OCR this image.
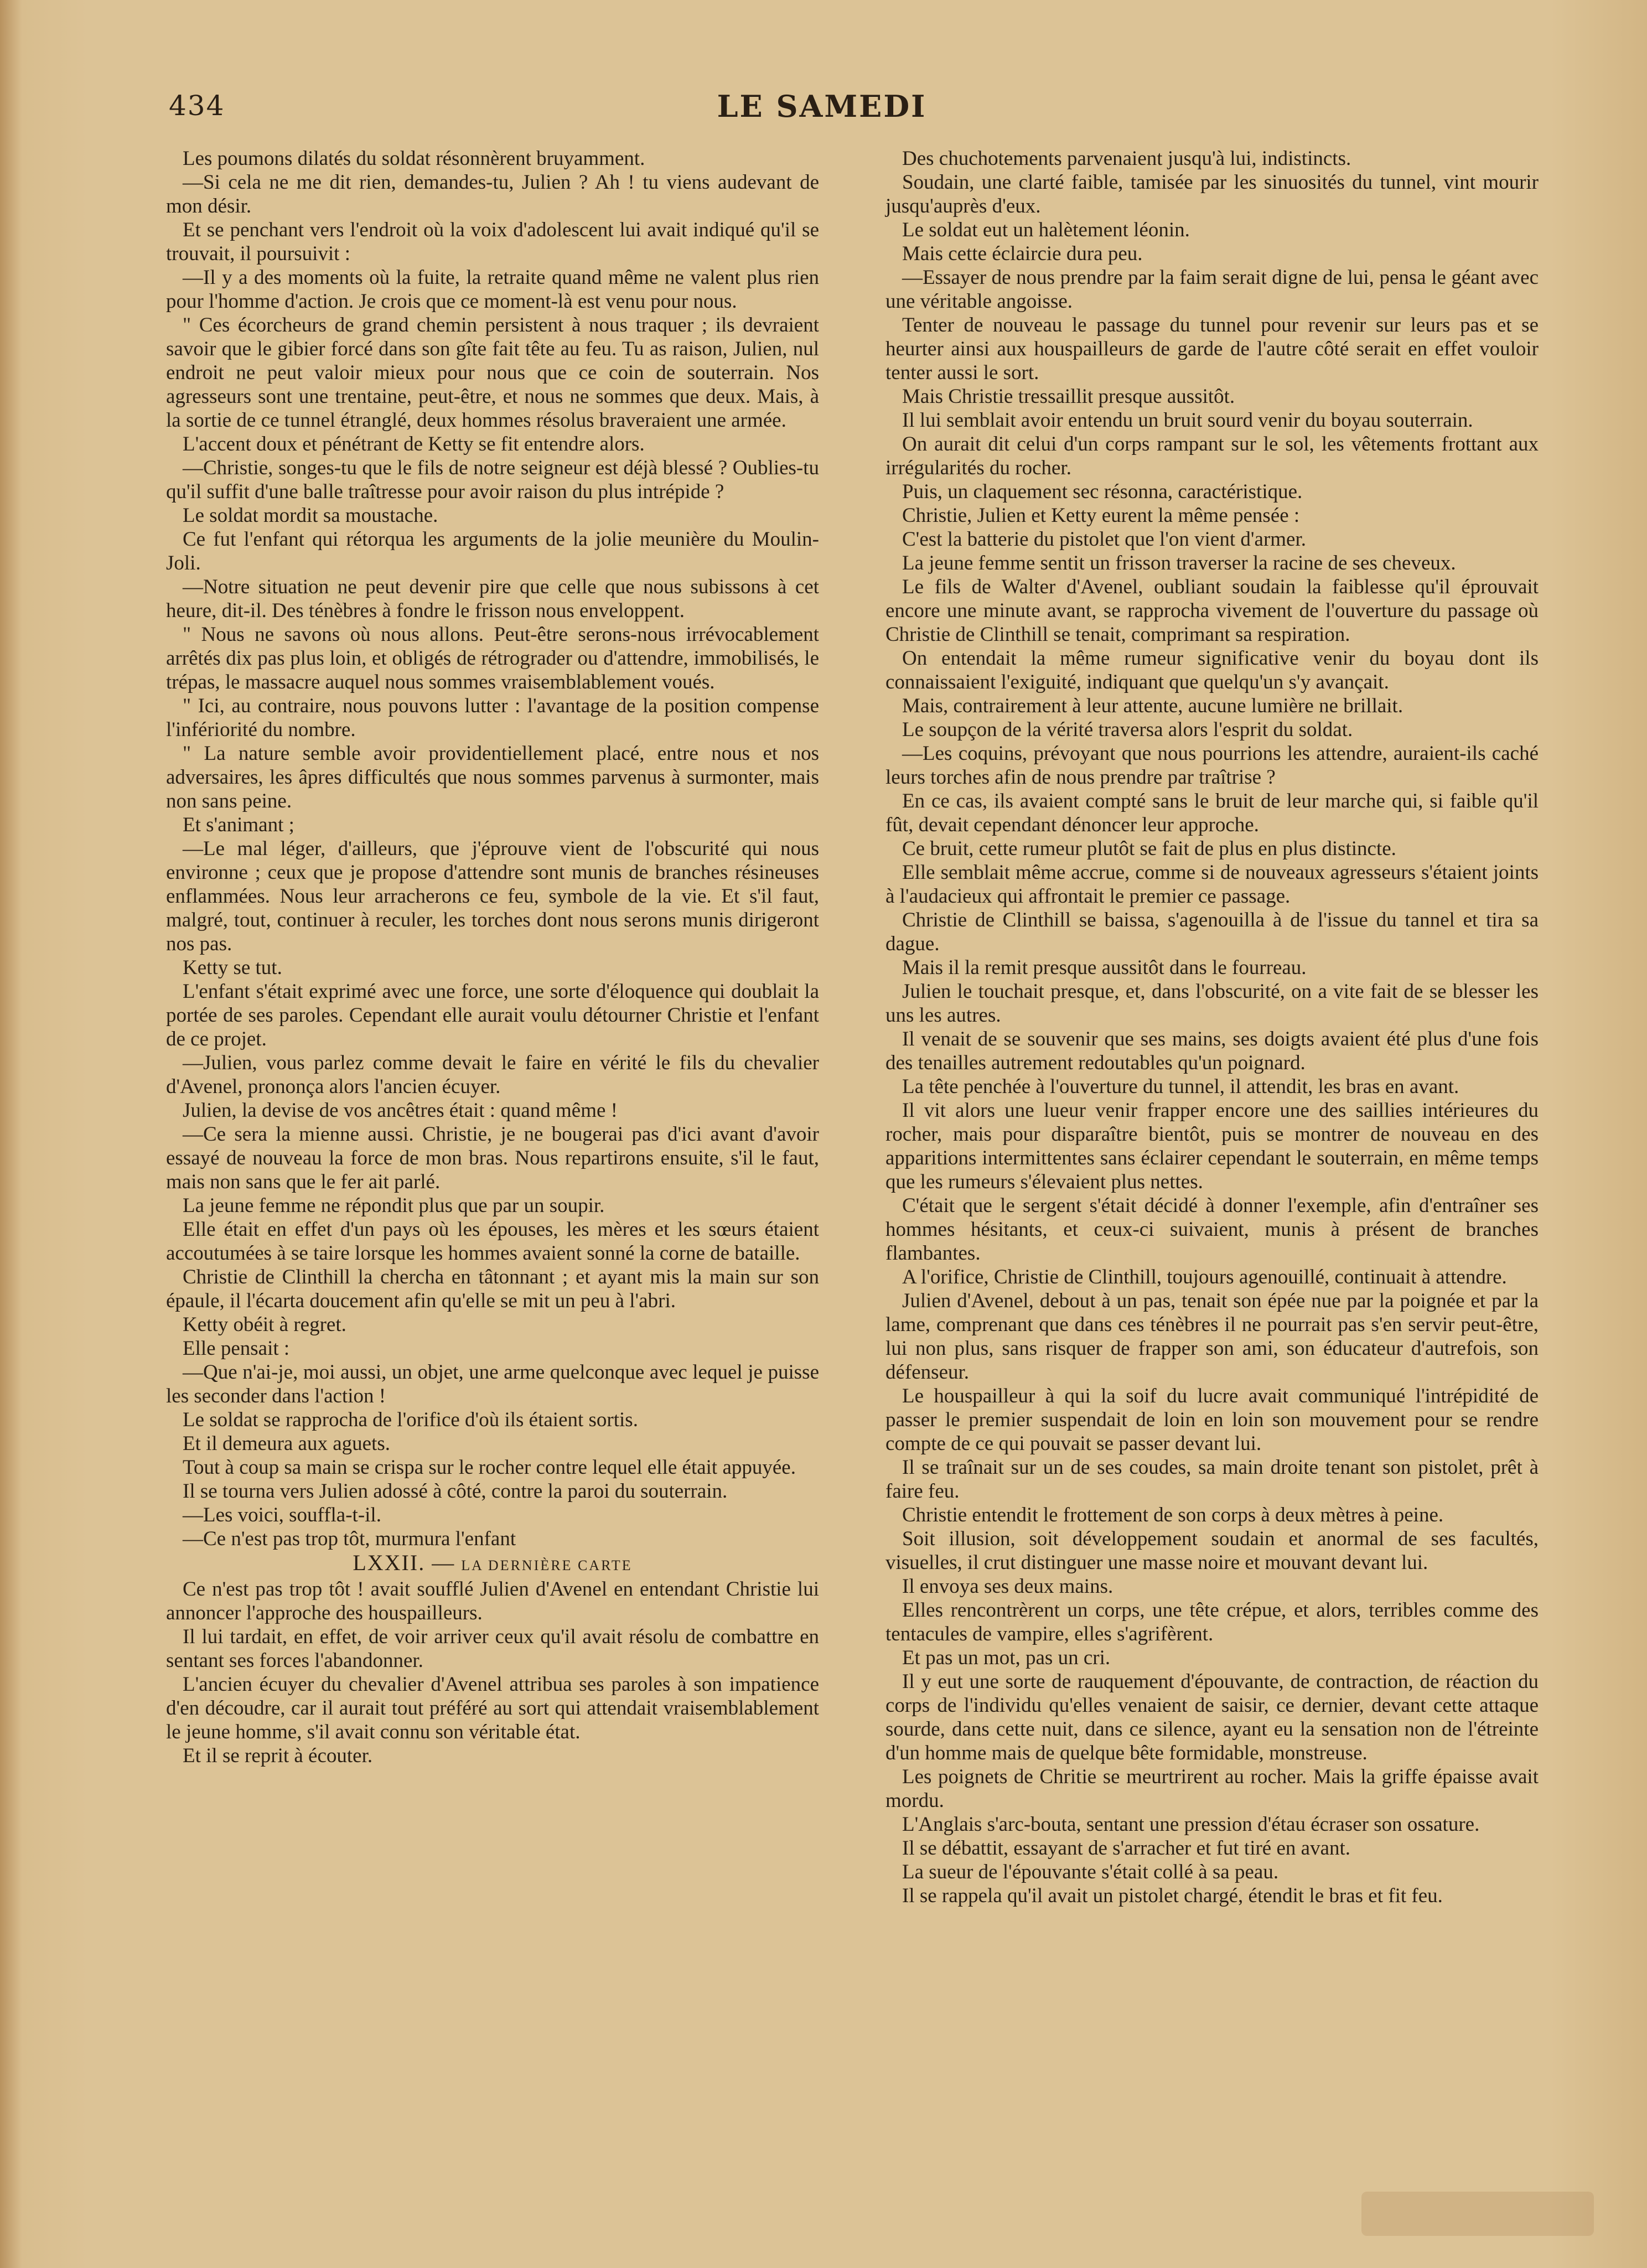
434	LE SAMEDI

Les poumons dilatés du soldat résonnèrent bruyamment.

—Si cela ne me dit rien, demandes-tu, Julien ? Ah ! tu viens audevant de mon désir.

Et se penchant vers l'endroit où la voix d'adolescent lui avait indiqué qu'il se trouvait, il poursuivit :

—Il y a des moments où la fuite, la retraite quand même ne valent plus rien pour l'homme d'action. Je crois que ce moment-là est venu pour nous.

" Ces écorcheurs de grand chemin persistent à nous traquer ; ils devraient savoir que le gibier forcé dans son gîte fait tête au feu. Tu as raison, Julien, nul endroit ne peut valoir mieux pour nous que ce coin de souterrain. Nos agresseurs sont une trentaine, peut-être, et nous ne sommes que deux. Mais, à la sortie de ce tunnel étranglé, deux hommes résolus braveraient une armée.

L'accent doux et pénétrant de Ketty se fit entendre alors.

—Christie, songes-tu que le fils de notre seigneur est déjà blessé ? Oublies-tu qu'il suffit d'une balle traîtresse pour avoir raison du plus intrépide ?

Le soldat mordit sa moustache.

Ce fut l'enfant qui rétorqua les arguments de la jolie meunière du Moulin-Joli.

—Notre situation ne peut devenir pire que celle que nous subissons à cet heure, dit-il. Des ténèbres à fondre le frisson nous enveloppent.

" Nous ne savons où nous allons. Peut-être serons-nous irrévocablement arrêtés dix pas plus loin, et obligés de rétrograder ou d'attendre, immobilisés, le trépas, le massacre auquel nous sommes vraisemblablement voués.

" Ici, au contraire, nous pouvons lutter : l'avantage de la position compense l'infériorité du nombre.

" La nature semble avoir providentiellement placé, entre nous et nos adversaires, les âpres difficultés que nous sommes parvenus à surmonter, mais non sans peine.

Et s'animant ;

—Le mal léger, d'ailleurs, que j'éprouve vient de l'obscurité qui nous environne ; ceux que je propose d'attendre sont munis de branches résineuses enflammées. Nous leur arracherons ce feu, symbole de la vie. Et s'il faut, malgré, tout, continuer à reculer, les torches dont nous serons munis dirigeront nos pas.

Ketty se tut.

L'enfant s'était exprimé avec une force, une sorte d'éloquence qui doublait la portée de ses paroles. Cependant elle aurait voulu détourner Christie et l'enfant de ce projet.

—Julien, vous parlez comme devait le faire en vérité le fils du chevalier d'Avenel, prononça alors l'ancien écuyer.

Julien, la devise de vos ancêtres était : quand même !

—Ce sera la mienne aussi. Christie, je ne bougerai pas d'ici avant d'avoir essayé de nouveau la force de mon bras. Nous repartirons ensuite, s'il le faut, mais non sans que le fer ait parlé.

La jeune femme ne répondit plus que par un soupir.

Elle était en effet d'un pays où les épouses, les mères et les sœurs étaient accoutumées à se taire lorsque les hommes avaient sonné la corne de bataille.

Christie de Clinthill la chercha en tâtonnant ; et ayant mis la main sur son épaule, il l'écarta doucement afin qu'elle se mit un peu à l'abri.

Ketty obéit à regret.

Elle pensait :

—Que n'ai-je, moi aussi, un objet, une arme quelconque avec lequel je puisse les seconder dans l'action !

Le soldat se rapprocha de l'orifice d'où ils étaient sortis.

Et il demeura aux aguets.

Tout à coup sa main se crispa sur le rocher contre lequel elle était appuyée.

Il se tourna vers Julien adossé à côté, contre la paroi du souterrain.

—Les voici, souffla-t-il.

—Ce n'est pas trop tôt, murmura l'enfant

LXXII. — LA DERNIÈRE CARTE

Ce n'est pas trop tôt ! avait soufflé Julien d'Avenel en entendant Christie lui annoncer l'approche des houspailleurs.

Il lui tardait, en effet, de voir arriver ceux qu'il avait résolu de combattre en sentant ses forces l'abandonner.

L'ancien écuyer du chevalier d'Avenel attribua ses paroles à son impatience d'en découdre, car il aurait tout préféré au sort qui attendait vraisemblablement le jeune homme, s'il avait connu son véritable état.

Et il se reprit à écouter.

Des chuchotements parvenaient jusqu'à lui, indistincts.

Soudain, une clarté faible, tamisée par les sinuosités du tunnel, vint mourir jusqu'auprès d'eux.

Le soldat eut un halètement léonin.

Mais cette éclaircie dura peu.

—Essayer de nous prendre par la faim serait digne de lui, pensa le géant avec une véritable angoisse.

Tenter de nouveau le passage du tunnel pour revenir sur leurs pas et se heurter ainsi aux houspailleurs de garde de l'autre côté serait en effet vouloir tenter aussi le sort.

Mais Christie tressaillit presque aussitôt.

Il lui semblait avoir entendu un bruit sourd venir du boyau souterrain.

On aurait dit celui d'un corps rampant sur le sol, les vêtements frottant aux irrégularités du rocher.

Puis, un claquement sec résonna, caractéristique.

Christie, Julien et Ketty eurent la même pensée :

C'est la batterie du pistolet que l'on vient d'armer.

La jeune femme sentit un frisson traverser la racine de ses cheveux.

Le fils de Walter d'Avenel, oubliant soudain la faiblesse qu'il éprouvait encore une minute avant, se rapprocha vivement de l'ouverture du passage où Christie de Clinthill se tenait, comprimant sa respiration.

On entendait la même rumeur significative venir du boyau dont ils connaissaient l'exiguité, indiquant que quelqu'un s'y avançait.

Mais, contrairement à leur attente, aucune lumière ne brillait.

Le soupçon de la vérité traversa alors l'esprit du soldat.

—Les coquins, prévoyant que nous pourrions les attendre, auraient-ils caché leurs torches afin de nous prendre par traîtrise ?

En ce cas, ils avaient compté sans le bruit de leur marche qui, si faible qu'il fût, devait cependant dénoncer leur approche.

Ce bruit, cette rumeur plutôt se fait de plus en plus distincte.

Elle semblait même accrue, comme si de nouveaux agresseurs s'étaient joints à l'audacieux qui affrontait le premier ce passage.

Christie de Clinthill se baissa, s'agenouilla à de l'issue du tannel et tira sa dague.

Mais il la remit presque aussitôt dans le fourreau.

Julien le touchait presque, et, dans l'obscurité, on a vite fait de se blesser les uns les autres.

Il venait de se souvenir que ses mains, ses doigts avaient été plus d'une fois des tenailles autrement redoutables qu'un poignard.

La tête penchée à l'ouverture du tunnel, il attendit, les bras en avant.

Il vit alors une lueur venir frapper encore une des saillies intérieures du rocher, mais pour disparaître bientôt, puis se montrer de nouveau en des apparitions intermittentes sans éclairer cependant le souterrain, en même temps que les rumeurs s'élevaient plus nettes.

C'était que le sergent s'était décidé à donner l'exemple, afin d'entraîner ses hommes hésitants, et ceux-ci suivaient, munis à présent de branches flambantes.

A l'orifice, Christie de Clinthill, toujours agenouillé, continuait à attendre.

Julien d'Avenel, debout à un pas, tenait son épée nue par la poignée et par la lame, comprenant que dans ces ténèbres il ne pourrait pas s'en servir peut-être, lui non plus, sans risquer de frapper son ami, son éducateur d'autrefois, son défenseur.

Le houspailleur à qui la soif du lucre avait communiqué l'intrépidité de passer le premier suspendait de loin en loin son mouvement pour se rendre compte de ce qui pouvait se passer devant lui.

Il se traînait sur un de ses coudes, sa main droite tenant son pistolet, prêt à faire feu.

Christie entendit le frottement de son corps à deux mètres à peine.

Soit illusion, soit développement soudain et anormal de ses facultés, visuelles, il crut distinguer une masse noire et mouvant devant lui.

Il envoya ses deux mains.

Elles rencontrèrent un corps, une tête crépue, et alors, terribles comme des tentacules de vampire, elles s'agrifèrent.

Et pas un mot, pas un cri.

Il y eut une sorte de rauquement d'épouvante, de contraction, de réaction du corps de l'individu qu'elles venaient de saisir, ce dernier, devant cette attaque sourde, dans cette nuit, dans ce silence, ayant eu la sensation non de l'étreinte d'un homme mais de quelque bête formidable, monstreuse.

Les poignets de Chritie se meurtrirent au rocher. Mais la griffe épaisse avait mordu.

L'Anglais s'arc-bouta, sentant une pression d'étau écraser son ossature.

Il se débattit, essayant de s'arracher et fut tiré en avant.

La sueur de l'épouvante s'était collé à sa peau.

Il se rappela qu'il avait un pistolet chargé, étendit le bras et fit feu.
